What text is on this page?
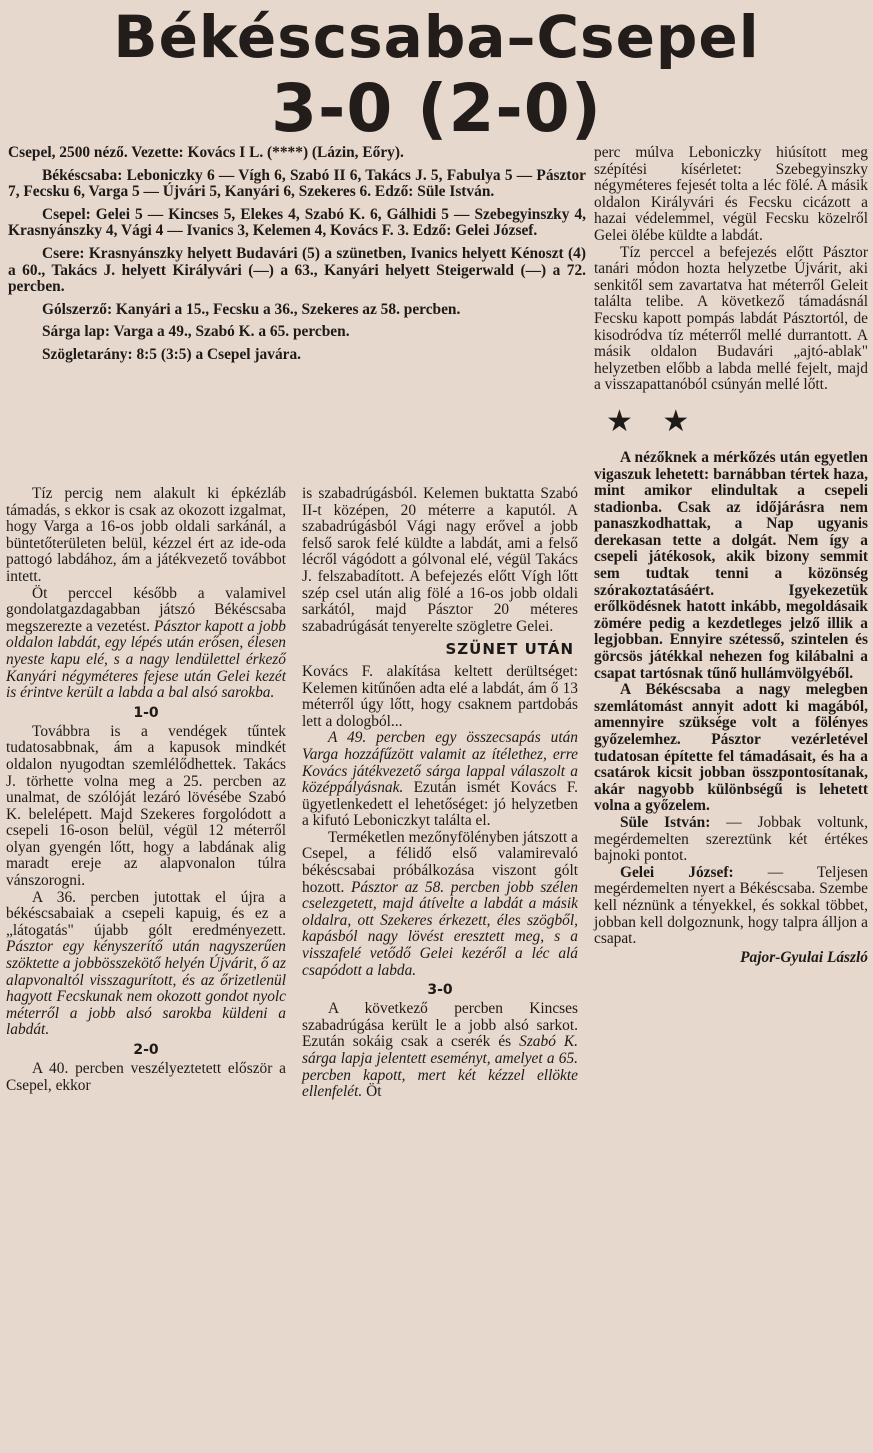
Békéscsaba–Csepel
3-0 (2-0)

Csepel, 2500 néző. Vezette: Kovács I L. (****) (Lázin, Eőry).

Békéscsaba: Leboniczky 6 — Vígh 6, Szabó II 6, Takács J. 5, Fabulya 5 — Pásztor 7, Fecsku 6, Varga 5 — Újvári 5, Kanyári 6, Szekeres 6. Edző: Süle István.

Csepel: Gelei 5 — Kincses 5, Elekes 4, Szabó K. 6, Gálhidi 5 — Szebegyinszky 4, Krasnyánszky 4, Vági 4 — Ivanics 3, Kelemen 4, Kovács F. 3. Edző: Gelei József.

Csere: Krasnyánszky helyett Budavári (5) a szünetben, Ivanics helyett Kénoszt (4) a 60., Takács J. helyett Királyvári (—) a 63., Kanyári helyett Steigerwald (—) a 72. percben.

Gólszerző: Kanyári a 15., Fecsku a 36., Szekeres az 58. percben.

Sárga lap: Varga a 49., Szabó K. a 65. percben.

Szögletarány: 8:5 (3:5) a Csepel javára.

Tíz percig nem alakult ki épkézláb támadás, s ekkor is csak az okozott izgalmat, hogy Varga a 16-os jobb oldali sarkánál, a büntetőterületen belül, kézzel ért az ide-oda pattogó labdához, ám a játékvezető továbbot intett.

Öt perccel később a valamivel gondolatgazdagabban játszó Békéscsaba megszerezte a vezetést. Pásztor kapott a jobb oldalon labdát, egy lépés után erősen, élesen nyeste kapu elé, s a nagy lendülettel érkező Kanyári négyméteres fejese után Gelei kezét is érintve került a labda a bal alsó sarokba.

1-0

Továbbra is a vendégek tűntek tudatosabbnak, ám a kapusok mindkét oldalon nyugodtan szemlélődhettek. Takács J. törhette volna meg a 25. percben az unalmat, de szólóját lezáró lövésébe Szabó K. belelépett. Majd Szekeres forgolódott a csepeli 16-oson belül, végül 12 méterről olyan gyengén lőtt, hogy a labdának alig maradt ereje az alapvonalon túlra vánszorogni.

A 36. percben jutottak el újra a békéscsabaiak a csepeli kapuig, és ez a „látogatás" újabb gólt eredményezett. Pásztor egy kényszerítő után nagyszerűen szöktette a jobbösszekötő helyén Újvárit, ő az alapvonaltól visszagurított, és az őrizetlenül hagyott Fecskunak nem okozott gondot nyolc méterről a jobb alsó sarokba küldeni a labdát.

2-0

A 40. percben veszélyeztetett először a Csepel, ekkor

is szabadrúgásból. Kelemen buktatta Szabó II-t középen, 20 méterre a kaputól. A szabadrúgásból Vági nagy erővel a jobb felső sarok felé küldte a labdát, ami a felső lécről vágódott a gólvonal elé, végül Takács J. felszabadított. A befejezés előtt Vígh lőtt szép csel után alig fölé a 16-os jobb oldali sarkától, majd Pásztor 20 méteres szabadrúgását tenyerelte szögletre Gelei.

SZÜNET UTÁN

Kovács F. alakítása keltett derültséget: Kelemen kitűnően adta elé a labdát, ám ő 13 méterről úgy lőtt, hogy csaknem partdobás lett a dologból...

A 49. percben egy összecsapás után Varga hozzáfűzött valamit az ítélethez, erre Kovács játékvezető sárga lappal válaszolt a középpályásnak. Ezután ismét Kovács F. ügyetlenkedett el lehetőséget: jó helyzetben a kifutó Leboniczkyt találta el.

Terméketlen mezőnyfölényben játszott a Csepel, a félidő első valamirevaló békéscsabai próbálkozása viszont gólt hozott. Pásztor az 58. percben jobb szélen cselezgetett, majd átívelte a labdát a másik oldalra, ott Szekeres érkezett, éles szögből, kapásból nagy lövést eresztett meg, s a visszafelé vetődő Gelei kezéről a léc alá csapódott a labda.

3-0

A következő percben Kincses szabadrúgása került le a jobb alsó sarkot. Ezután sokáig csak a cserék és Szabó K. sárga lapja jelentett eseményt, amelyet a 65. percben kapott, mert két kézzel ellökte ellenfelét. Öt

perc múlva Leboniczky hiúsított meg szépítési kísérletet: Szebegyinszky négyméteres fejesét tolta a léc fölé. A másik oldalon Királyvári és Fecsku cicázott a hazai védelemmel, végül Fecsku közelről Gelei ölébe küldte a labdát.

Tíz perccel a befejezés előtt Pásztor tanári módon hozta helyzetbe Újvárit, aki senkitől sem zavartatva hat méterről Geleit találta telibe. A következő támadásnál Fecsku kapott pompás labdát Pásztortól, de kisodródva tíz méterről mellé durrantott. A másik oldalon Budavári „ajtó-ablak" helyzetben előbb a labda mellé fejelt, majd a visszapattanóból csúnyán mellé lőtt.

★ ★

A nézőknek a mérkőzés után egyetlen vigaszuk lehetett: barnábban tértek haza, mint amikor elindultak a csepeli stadionba. Csak az időjárásra nem panaszkodhattak, a Nap ugyanis derekasan tette a dolgát. Nem így a csepeli játékosok, akik bizony semmit sem tudtak tenni a közönség szórakoztatásáért. Igyekezetük erőlködésnek hatott inkább, megoldásaik zömére pedig a kezdetleges jelző illik a legjobban. Ennyire szétesső, szintelen és görcsös játékkal nehezen fog kilábalni a csapat tartósnak tűnő hullámvölgyéből.

A Békéscsaba a nagy melegben szemlátomást annyit adott ki magából, amennyire szüksége volt a fölényes győzelemhez. Pásztor vezérletével tudatosan építette fel támadásait, és ha a csatárok kicsit jobban összpontosítanak, akár nagyobb különbségű is lehetett volna a győzelem.

Süle István: — Jobbak voltunk, megérdemelten szereztünk két értékes bajnoki pontot.

Gelei József: — Teljesen megérdemelten nyert a Békéscsaba. Szembe kell néznünk a tényekkel, és sokkal többet, jobban kell dolgoznunk, hogy talpra álljon a csapat.

Pajor-Gyulai László
